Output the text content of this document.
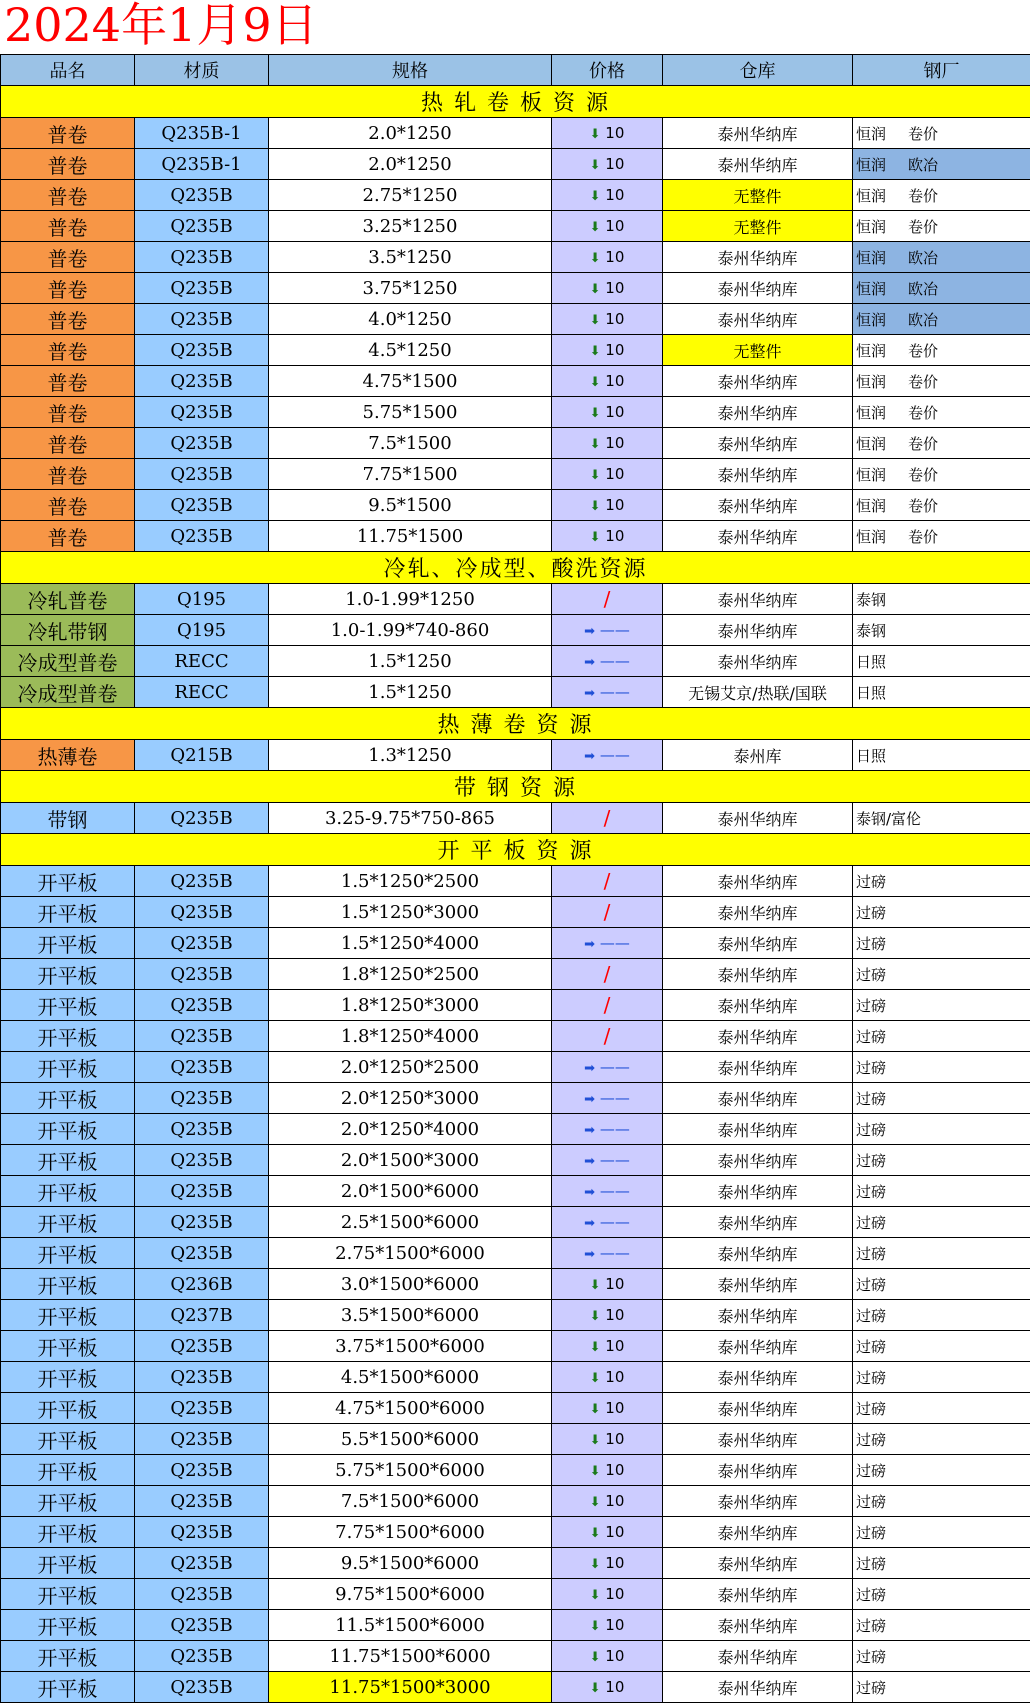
2024年1月9日
品名	材质	规格	价格	仓库	钢厂
热 轧 卷 板 资 源					
普卷	Q235B-1	2.0*1250	⬇ 10	泰州华纳库	恒润 卷价
普卷	Q235B-1	2.0*1250	⬇ 10	泰州华纳库	恒润 欧冶
普卷	Q235B	2.75*1250	⬇ 10	无整件	恒润 卷价
普卷	Q235B	3.25*1250	⬇ 10	无整件	恒润 卷价
普卷	Q235B	3.5*1250	⬇ 10	泰州华纳库	恒润 欧冶
普卷	Q235B	3.75*1250	⬇ 10	泰州华纳库	恒润 欧冶
普卷	Q235B	4.0*1250	⬇ 10	泰州华纳库	恒润 欧冶
普卷	Q235B	4.5*1250	⬇ 10	无整件	恒润 卷价
普卷	Q235B	4.75*1500	⬇ 10	泰州华纳库	恒润 卷价
普卷	Q235B	5.75*1500	⬇ 10	泰州华纳库	恒润 卷价
普卷	Q235B	7.5*1500	⬇ 10	泰州华纳库	恒润 卷价
普卷	Q235B	7.75*1500	⬇ 10	泰州华纳库	恒润 卷价
普卷	Q235B	9.5*1500	⬇ 10	泰州华纳库	恒润 卷价
普卷	Q235B	11.75*1500	⬇ 10	泰州华纳库	恒润 卷价
冷轧、冷成型、酸洗资源					
冷轧普卷	Q195	1.0-1.99*1250	/	泰州华纳库	泰钢
冷轧带钢	Q195	1.0-1.99*740-860	➡ ——	泰州华纳库	泰钢
冷成型普卷	RECC	1.5*1250	➡ ——	泰州华纳库	日照
冷成型普卷	RECC	1.5*1250	➡ ——	无锡艾京/热联/国联	日照
热 薄 卷 资 源					
热薄卷	Q215B	1.3*1250	➡ ——	泰州库	日照
带 钢 资 源					
带钢	Q235B	3.25-9.75*750-865	/	泰州华纳库	泰钢/富伦
开 平 板 资 源					
开平板	Q235B	1.5*1250*2500	/	泰州华纳库	过磅
开平板	Q235B	1.5*1250*3000	/	泰州华纳库	过磅
开平板	Q235B	1.5*1250*4000	➡ ——	泰州华纳库	过磅
开平板	Q235B	1.8*1250*2500	/	泰州华纳库	过磅
开平板	Q235B	1.8*1250*3000	/	泰州华纳库	过磅
开平板	Q235B	1.8*1250*4000	/	泰州华纳库	过磅
开平板	Q235B	2.0*1250*2500	➡ ——	泰州华纳库	过磅
开平板	Q235B	2.0*1250*3000	➡ ——	泰州华纳库	过磅
开平板	Q235B	2.0*1250*4000	➡ ——	泰州华纳库	过磅
开平板	Q235B	2.0*1500*3000	➡ ——	泰州华纳库	过磅
开平板	Q235B	2.0*1500*6000	➡ ——	泰州华纳库	过磅
开平板	Q235B	2.5*1500*6000	➡ ——	泰州华纳库	过磅
开平板	Q235B	2.75*1500*6000	➡ ——	泰州华纳库	过磅
开平板	Q236B	3.0*1500*6000	⬇ 10	泰州华纳库	过磅
开平板	Q237B	3.5*1500*6000	⬇ 10	泰州华纳库	过磅
开平板	Q235B	3.75*1500*6000	⬇ 10	泰州华纳库	过磅
开平板	Q235B	4.5*1500*6000	⬇ 10	泰州华纳库	过磅
开平板	Q235B	4.75*1500*6000	⬇ 10	泰州华纳库	过磅
开平板	Q235B	5.5*1500*6000	⬇ 10	泰州华纳库	过磅
开平板	Q235B	5.75*1500*6000	⬇ 10	泰州华纳库	过磅
开平板	Q235B	7.5*1500*6000	⬇ 10	泰州华纳库	过磅
开平板	Q235B	7.75*1500*6000	⬇ 10	泰州华纳库	过磅
开平板	Q235B	9.5*1500*6000	⬇ 10	泰州华纳库	过磅
开平板	Q235B	9.75*1500*6000	⬇ 10	泰州华纳库	过磅
开平板	Q235B	11.5*1500*6000	⬇ 10	泰州华纳库	过磅
开平板	Q235B	11.75*1500*6000	⬇ 10	泰州华纳库	过磅
开平板	Q235B	11.75*1500*3000	⬇ 10	泰州华纳库	过磅
